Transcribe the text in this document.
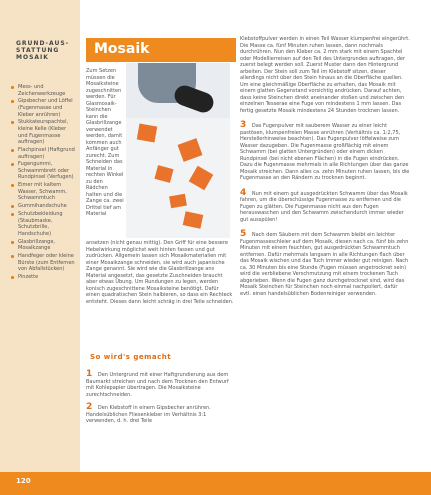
GRUND-AUS-STATTUNG MOSAIK
Mess- und Zeichenwerkzeuge
Gipsbecher und Löffel (Fugenmasse und Kleber anrühren)
Stukkateurspachtel, kleine Kelle (Kleber und Fugenmasse auftragen)
Flachpinsel (Haftgrund auftragen)
Fugengummi, Schwammbrett oder Rundpinsel (Verfugen)
Eimer mit kaltem Wasser, Schwamm, Schwammtuch
Gummihandschuhe
Schutzbekleidung (Staubmaske, Schutzbrille, Handschuhe)
Glasbrillzange, Mosaikzange
Handfeger oder kleine Bürste (zum Entfernen von Abfallstücken)
Pinzette
Mosaik
Zum Setzen müssen die Mosaiksteine zugeschnitten werden. Für Glasmosaik-Steinchen kann die Glasbrillzange verwendet werden, damit kommen auch Anfänger gut zurecht. Zum Schneiden das Material in rechten Winkel zu den Rädchen halten und die Zange ca. zwei Drittel tief am Material
ansetzen (nicht genau mittig). Den Griff für eine bessere Hebelwirkung möglichst weit hinten fassen und gut zudrücken. Allgemein lassen sich Mosaikmaterialien mit einer Mosaikzange schneiden, sie wird auch japanische Zange genannt. Sie wird wie die Glasbrillzange ans Material angesetzt, das gesetzte Zuschneiden braucht aber etwas Übung. Um Rundungen zu legen, werden konisch zugeschnittene Mosaiksteine benötigt. Dafür einen quadratischen Stein halbieren, so dass ein Rechteck entsteht. Dieses dann leicht schräg in drei Teile schneiden.
So wird's gemacht
1 Den Untergrund mit einer Haftgrundierung aus dem Baumarkt streichen und nach dem Trocknen den Entwurf mit Kohlepapier übertragen. Die Mosaiksteine zurechtschneiden.
2 Den Klebstoff in einem Gipsbecher anrühren. Handelsüblichen Fliesenkleber im Verhältnis 3:1 verwenden, d. h. drei Teile

Klebstoffpulver werden in einen Teil Wasser klumpenfrei eingerührt. Die Masse ca. fünf Minuten ruhen lassen, dann nochmals durchrühren. Nun den Kleber ca. 2 mm stark mit einem Spachtel oder Modellierreisen auf den Teil des Untergrundes auftragen, der zuerst belegt werden soll. Zuerst Muster dann den Hintergrund arbeiten. Der Stein soll zum Teil im Klebstoff sitzen, dieser allerdings nicht über den Stein hinaus an die Oberfläche quellen. Um eine gleichmäßige Oberfläche zu erhalten, das Mosaik mit einem glatten Gegenstand vorsichtig andrücken. Darauf achten, dass keine Steinchen direkt aneinander stoßen und zwischen den einzelnen Tesserae eine Fuge von mindestens 1 mm lassen. Das fertig gesetzte Mosaik mindestens 24 Stunden trocknen lassen.

3 Das Fugenpulver mit sauberem Wasser zu einer leicht pastösen, klumpenfreien Masse anrühren (Verhältnis ca. 1:2,75, Herstellerhinweise beachten). Das Fugenpulver löffelweise zum Wasser dazugeben. Die Fugenmasse großflächig mit einem Schwamm (bei glatten Untergründen) oder einem dicken Rundpinsel (bei nicht ebenen Flächen) in die Fugen eindrücken. Dazu die Fugenmasse mehrmals in alle Richtungen über das ganze Mosaik streichen. Dann alles ca. zehn Minuten ruhen lassen, bis die Fugenmasse an den Rändern zu trocknen beginnt.

4 Nun mit einem gut ausgedrückten Schwamm über das Mosaik fahren, um die überschüssige Fugenmasse zu entfernen und die Fugen zu glätten. Die Fugenmasse nicht aus den Fugen herauswaschen und den Schwamm zwischendurch immer wieder gut ausspülen!

5 Nach dem Säubern mit dem Schwamm bleibt ein leichter Fugenmasseschleier auf dem Mosaik, diesen nach ca. fünf bis zehn Minuten mit einem feuchten, gut ausgedrückten Schwammtuch entfernen. Dafür mehrmals langsam in alle Richtungen flach über das Mosaik wischen und das Tuch immer wieder gut reinigen. Nach ca. 30 Minuten bis eine Stunde (Fugen müssen angetrocknet sein) wird die verbliebene Verschmutzung mit einem trockenen Tuch abgerieben. Wenn die Fugen ganz durchgetrocknet sind, wird das Mosaik Steinchen für Steinchen noch einmal nachpoliert, dafür evtl. einen handelsüblichen Bodenreiniger verwenden.

120
